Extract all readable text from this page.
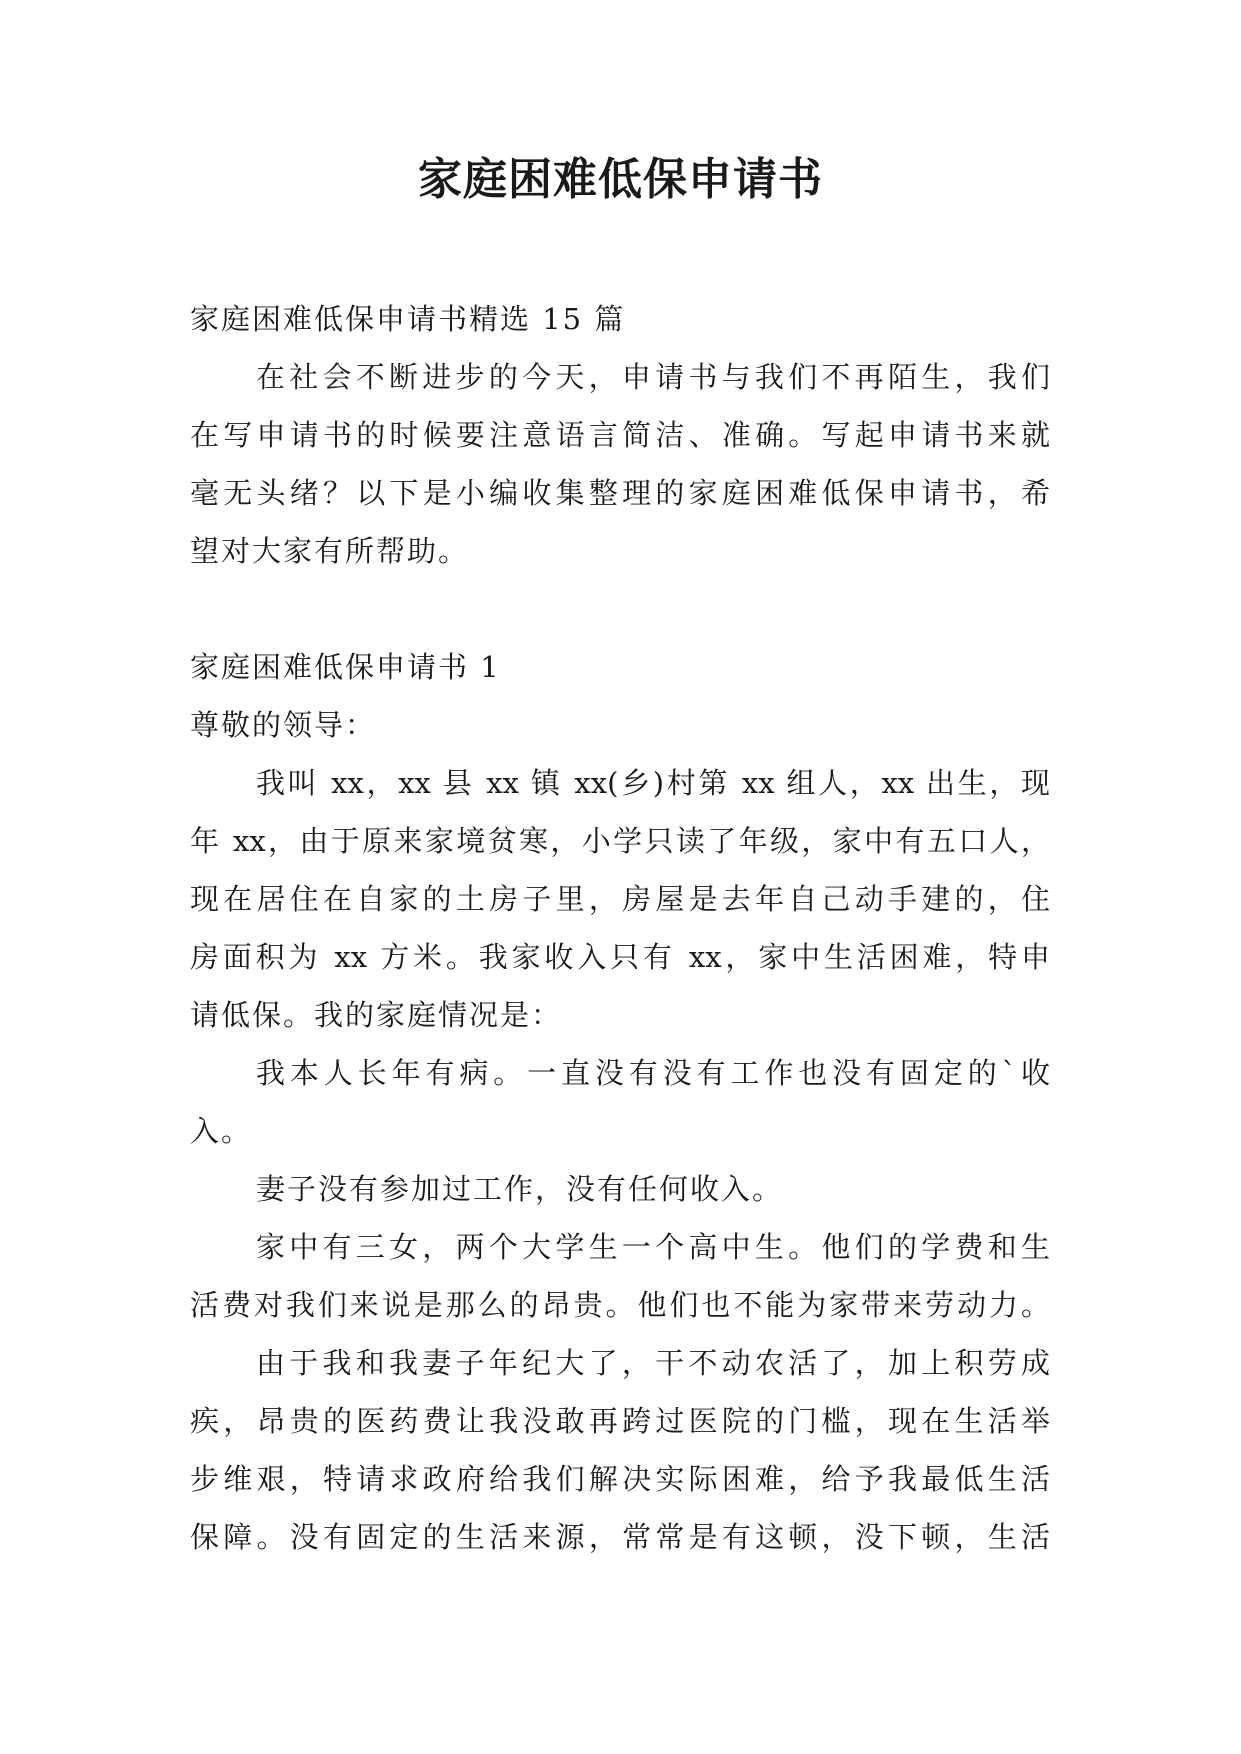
家庭困难低保申请书
家庭困难低保申请书精选 15 篇
在社会不断进步的今天，申请书与我们不再陌生，我们
在写申请书的时候要注意语言简洁、准确。写起申请书来就
毫无头绪？以下是小编收集整理的家庭困难低保申请书，希
望对大家有所帮助。
家庭困难低保申请书 1
尊敬的领导：
我叫 xx，xx 县 xx 镇 xx(乡)村第 xx 组人，xx 出生，现
年 xx，由于原来家境贫寒，小学只读了年级，家中有五口人，
现在居住在自家的土房子里，房屋是去年自己动手建的，住
房面积为 xx 方米。我家收入只有 xx，家中生活困难，特申
请低保。我的家庭情况是：
我本人长年有病。一直没有没有工作也没有固定的`收
入。
妻子没有参加过工作，没有任何收入。
家中有三女，两个大学生一个高中生。他们的学费和生
活费对我们来说是那么的昂贵。他们也不能为家带来劳动力。
由于我和我妻子年纪大了，干不动农活了，加上积劳成
疾，昂贵的医药费让我没敢再跨过医院的门槛，现在生活举
步维艰，特请求政府给我们解决实际困难，给予我最低生活
保障。没有固定的生活来源，常常是有这顿，没下顿，生活
